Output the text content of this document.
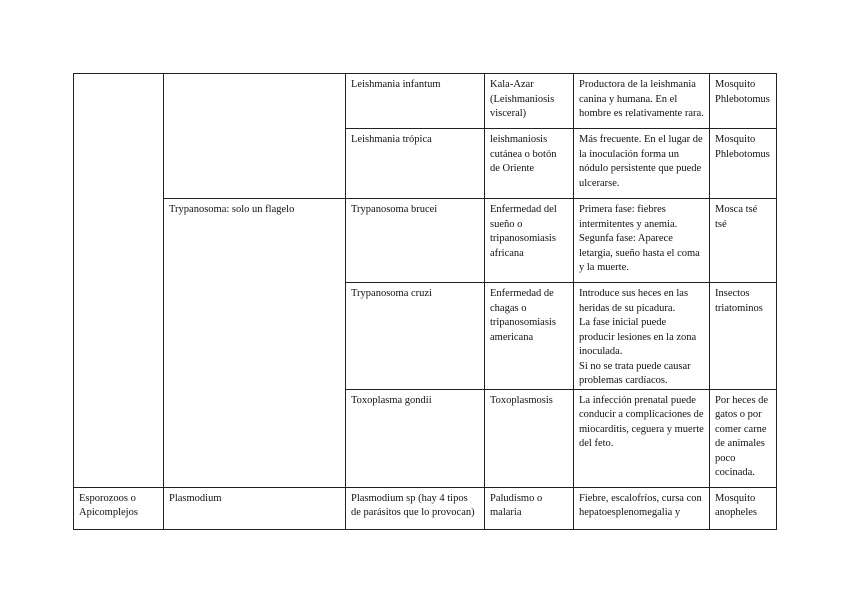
		Leishmania infantum	Kala-Azar (Leishmaniosis visceral)	Productora de la leishmania canina y humana. En el hombre es relativamente rara.	Mosquito Phlebotomus

		Leishmania trópica	leishmaniosis cutánea o botón de Oriente	Más frecuente. En el lugar de la inoculación forma un nódulo persistente que puede ulcerarse.	Mosquito Phlebotomus

	Trypanosoma: solo un flagelo	Trypanosoma brucei	Enfermedad del sueño o tripanosomiasis africana	Primera fase: fiebres intermitentes y anemia.
Segunfa fase: Aparece letargia, sueño hasta el coma y la muerte.	Mosca tsé tsé

		Trypanosoma cruzi	Enfermedad de chagas o tripanosomiasis americana	Introduce sus heces en las heridas de su picadura.
La fase inicial puede producir lesiones en la zona inoculada.
Si no se trata puede causar problemas cardíacos.	Insectos triatominos

		Toxoplasma gondii	Toxoplasmosis	La infección prenatal puede conducir a complicaciones de miocarditis, ceguera y muerte del feto.	Por heces de gatos o por comer carne de animales poco cocinada.

Esporozoos o Apicomplejos	Plasmodium	Plasmodium sp (hay 4 tipos de parásitos que lo provocan)	Paludismo o malaria	Fiebre, escalofríos, cursa con hepatoesplenomegalia y	Mosquito anopheles
